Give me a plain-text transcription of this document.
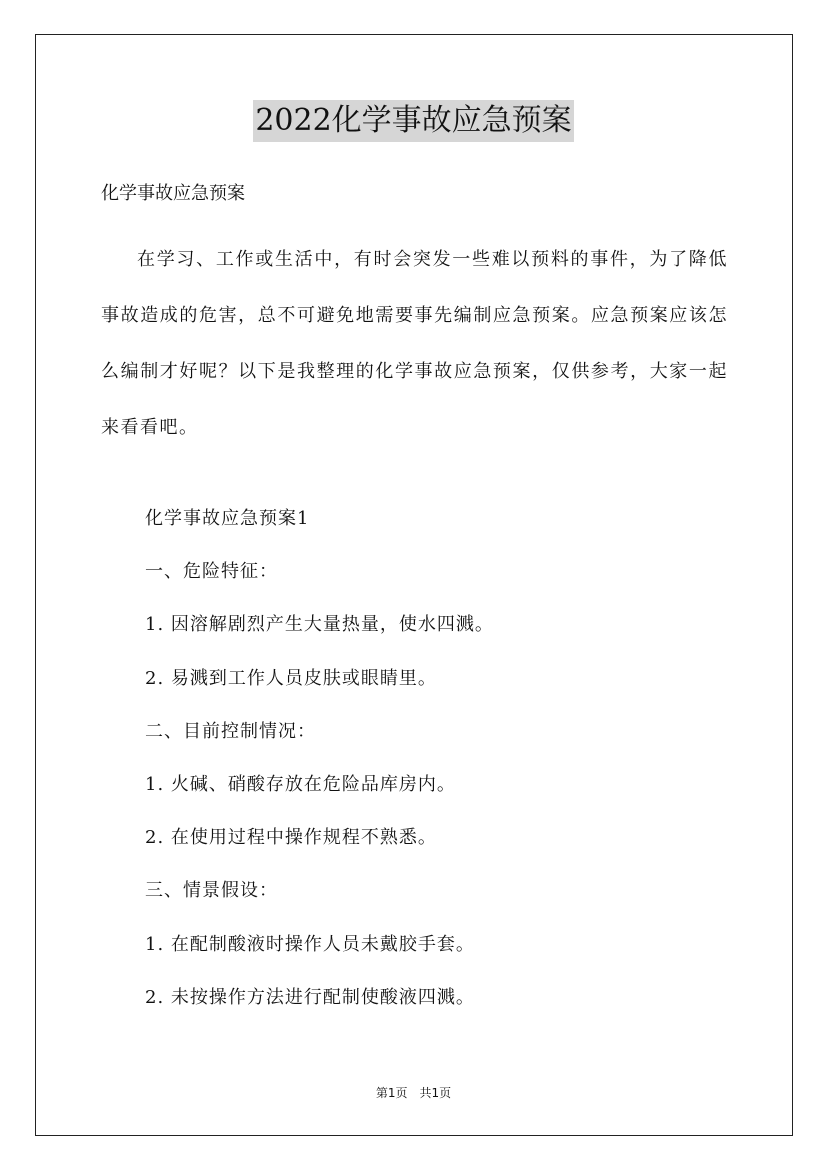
2022化学事故应急预案
化学事故应急预案

在学习、工作或生活中，有时会突发一些难以预料的事件，为了降低事故造成的危害，总不可避免地需要事先编制应急预案。应急预案应该怎么编制才好呢？以下是我整理的化学事故应急预案，仅供参考，大家一起来看看吧。

化学事故应急预案1
一、危险特征：
1. 因溶解剧烈产生大量热量，使水四溅。
2. 易溅到工作人员皮肤或眼睛里。
二、目前控制情况：
1. 火碱、硝酸存放在危险品库房内。
2. 在使用过程中操作规程不熟悉。
三、情景假设：
1. 在配制酸液时操作人员未戴胶手套。
2. 未按操作方法进行配制使酸液四溅。
第1页　共1页
